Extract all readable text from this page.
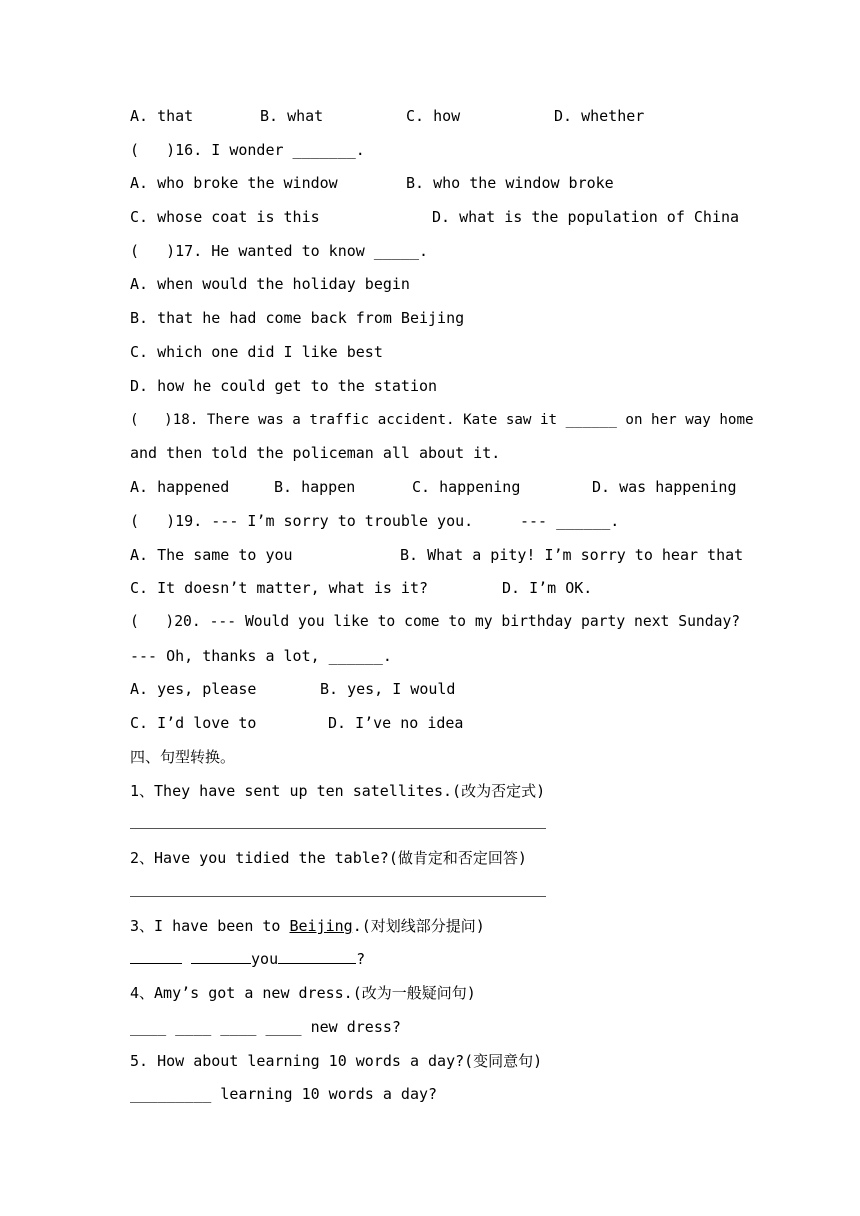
A. that	B. what	C. how	D. whether
(   )16. I wonder _______.
A. who broke the window	B. who the window broke
C. whose coat is this	D. what is the population of China
(   )17. He wanted to know _____.
A. when would the holiday begin
B. that he had come back from Beijing
C. which one did I like best
D. how he could get to the station
(   )18. There was a traffic accident. Kate saw it ______ on her way home
and then told the policeman all about it.
A. happened	B. happen	C. happening	D. was happening
(   )19. --- I’m sorry to trouble you.	--- ______.
A. The same to you	B. What a pity! I’m sorry to hear that
C. It doesn’t matter, what is it?	D. I’m OK.
(   )20. --- Would you like to come to my birthday party next Sunday?
--- Oh, thanks a lot, ______.
A. yes, please	B. yes, I would
C. I’d love to	D. I’ve no idea
四、句型转换。
1、They have sent up ten satellites.(改为否定式)
2、Have you tidied the table?(做肯定和否定回答)
3、I have been to Beijing.(对划线部分提问)
you	?
4、Amy’s got a new dress.(改为一般疑问句)
____ ____ ____ ____ new dress?
5. How about learning 10 words a day?(变同意句)
_________ learning 10 words a day?
